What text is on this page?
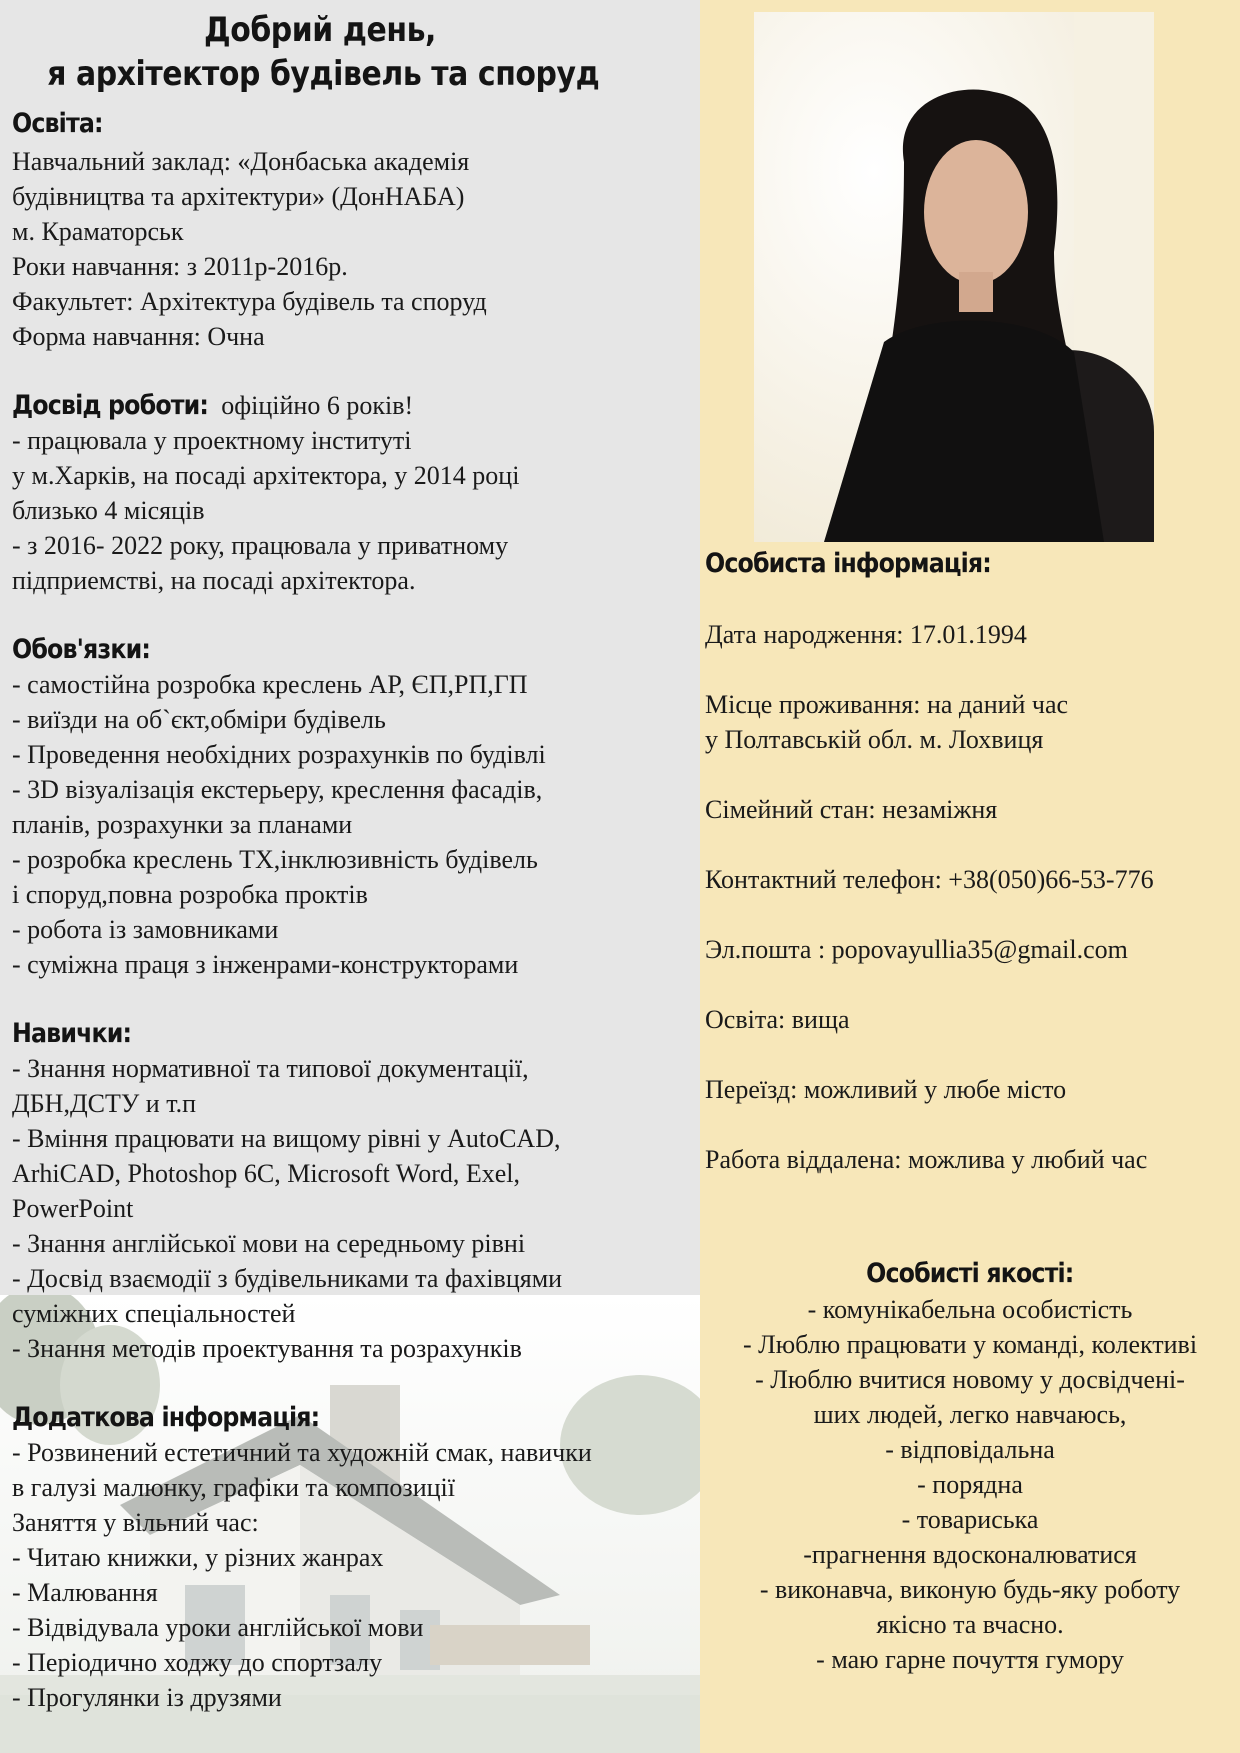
Добрий день,
я архітектор будівель та споруд
Освіта:
Навчальний заклад: «Донбаська академія
будівництва та архітектури» (ДонНАБА)
м. Краматорськ
Роки навчання: з 2011р-2016р.
Факультет: Архітектура будівель та споруд
Форма навчання: Очна
Досвід роботи: офіційно 6 років!
- працювала у проектному інституті
у м.Харків, на посаді архітектора, у 2014 році
близько 4 місяців
- з 2016- 2022 року, працювала у приватному
підприемстві, на посаді архітектора.
Обов'язки:
- самостійна розробка креслень АР, ЄП,РП,ГП
- виїзди на об`єкт,обміри будівель
- Проведення необхідних розрахунків по будівлі
- 3D візуалізація екстерьеру, креслення фасадів,
планів, розрахунки за планами
- розробка креслень ТХ,інклюзивність будівель
і споруд,повна розробка проктів
- робота із замовниками
- суміжна праця з інженрами-конструкторами
Навички:
- Знання нормативної та типової документації,
ДБН,ДСТУ и т.п
- Вміння працювати на вищому рівні у AutoCAD,
ArhiCAD, Photoshop 6C, Microsoft Word, Exel,
PowerPoint
- Знання англійської мови на середньому рівні
- Досвід взаємодії з будівельниками та фахівцями
суміжних спеціальностей
- Знання методів проектування та розрахунків
Додаткова інформація:
- Розвинений естетичний та художній смак, навички
в галузі малюнку, графіки та композиції
Заняття у вільний час:
- Читаю книжки, у різних жанрах
- Малювання
- Відвідувала уроки англійської мови
- Періодично ходжу до спортзалу
- Прогулянки із друзями
Особиста інформація:
Дата народження: 17.01.1994
Місце проживання: на даний час
у Полтавській обл. м. Лохвиця
Сімейний стан: незаміжня
Контактний телефон: +38(050)66-53-776
Эл.пошта : popovayullia35@gmail.com
Освіта: вища
Переїзд: можливий у любе місто
Работа віддалена: можлива у любий час
Особисті якості:
- комунікабельна особистість
- Люблю працювати у команді, колективі
- Люблю вчитися новому у досвідчені-
ших людей, легко навчаюсь,
- відповідальна
- порядна
- товариська
-прагнення вдосконалюватися
- виконавча, виконую будь-яку роботу
якісно та вчасно.
- маю гарне почуття гумору
